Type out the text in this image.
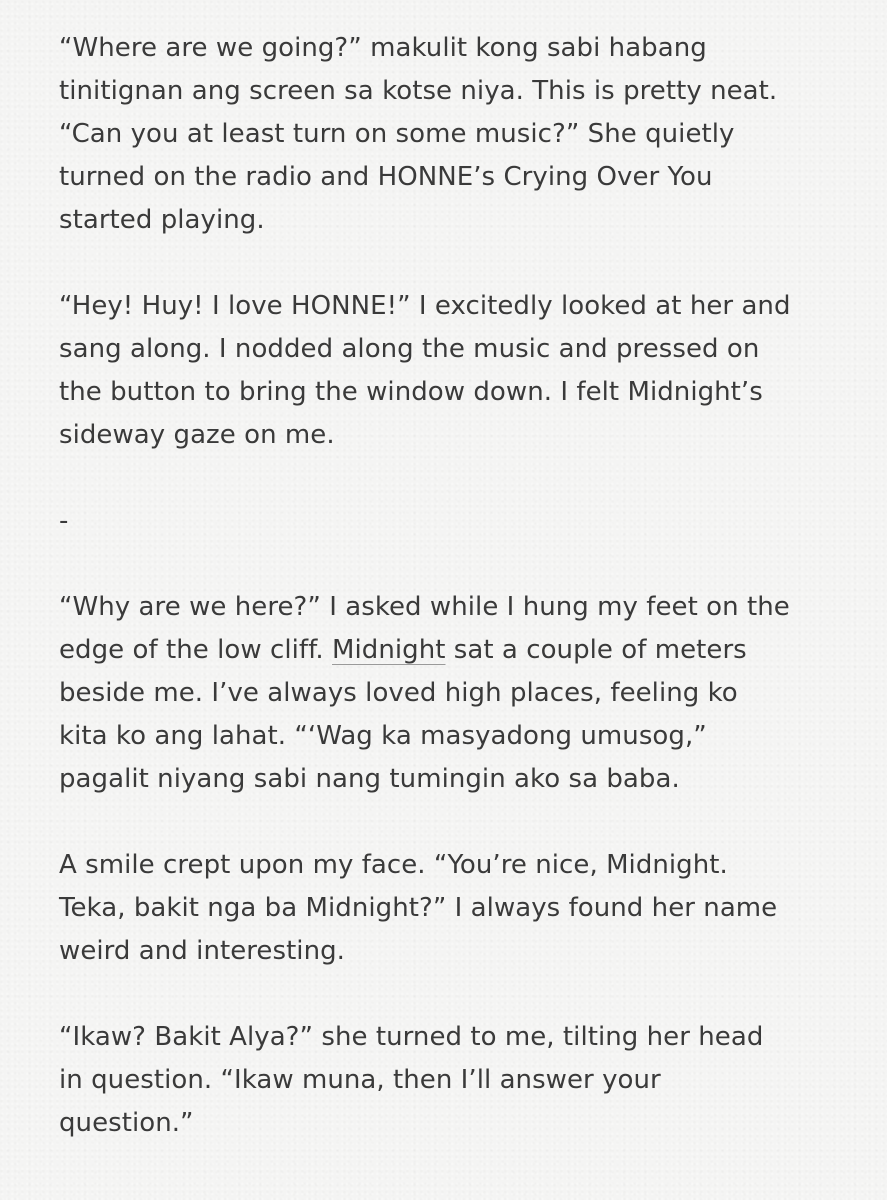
“Where are we going?” makulit kong sabi habang
tinitignan ang screen sa kotse niya. This is pretty neat.
“Can you at least turn on some music?” She quietly
turned on the radio and HONNE’s Crying Over You
started playing.

“Hey! Huy! I love HONNE!” I excitedly looked at her and
sang along. I nodded along the music and pressed on
the button to bring the window down. I felt Midnight’s
sideway gaze on me.

-

“Why are we here?” I asked while I hung my feet on the
edge of the low cliff. Midnight sat a couple of meters
beside me. I’ve always loved high places, feeling ko
kita ko ang lahat. “‘Wag ka masyadong umusog,”
pagalit niyang sabi nang tumingin ako sa baba.

A smile crept upon my face. “You’re nice, Midnight.
Teka, bakit nga ba Midnight?” I always found her name
weird and interesting.

“Ikaw? Bakit Alya?” she turned to me, tilting her head
in question. “Ikaw muna, then I’ll answer your
question.”
